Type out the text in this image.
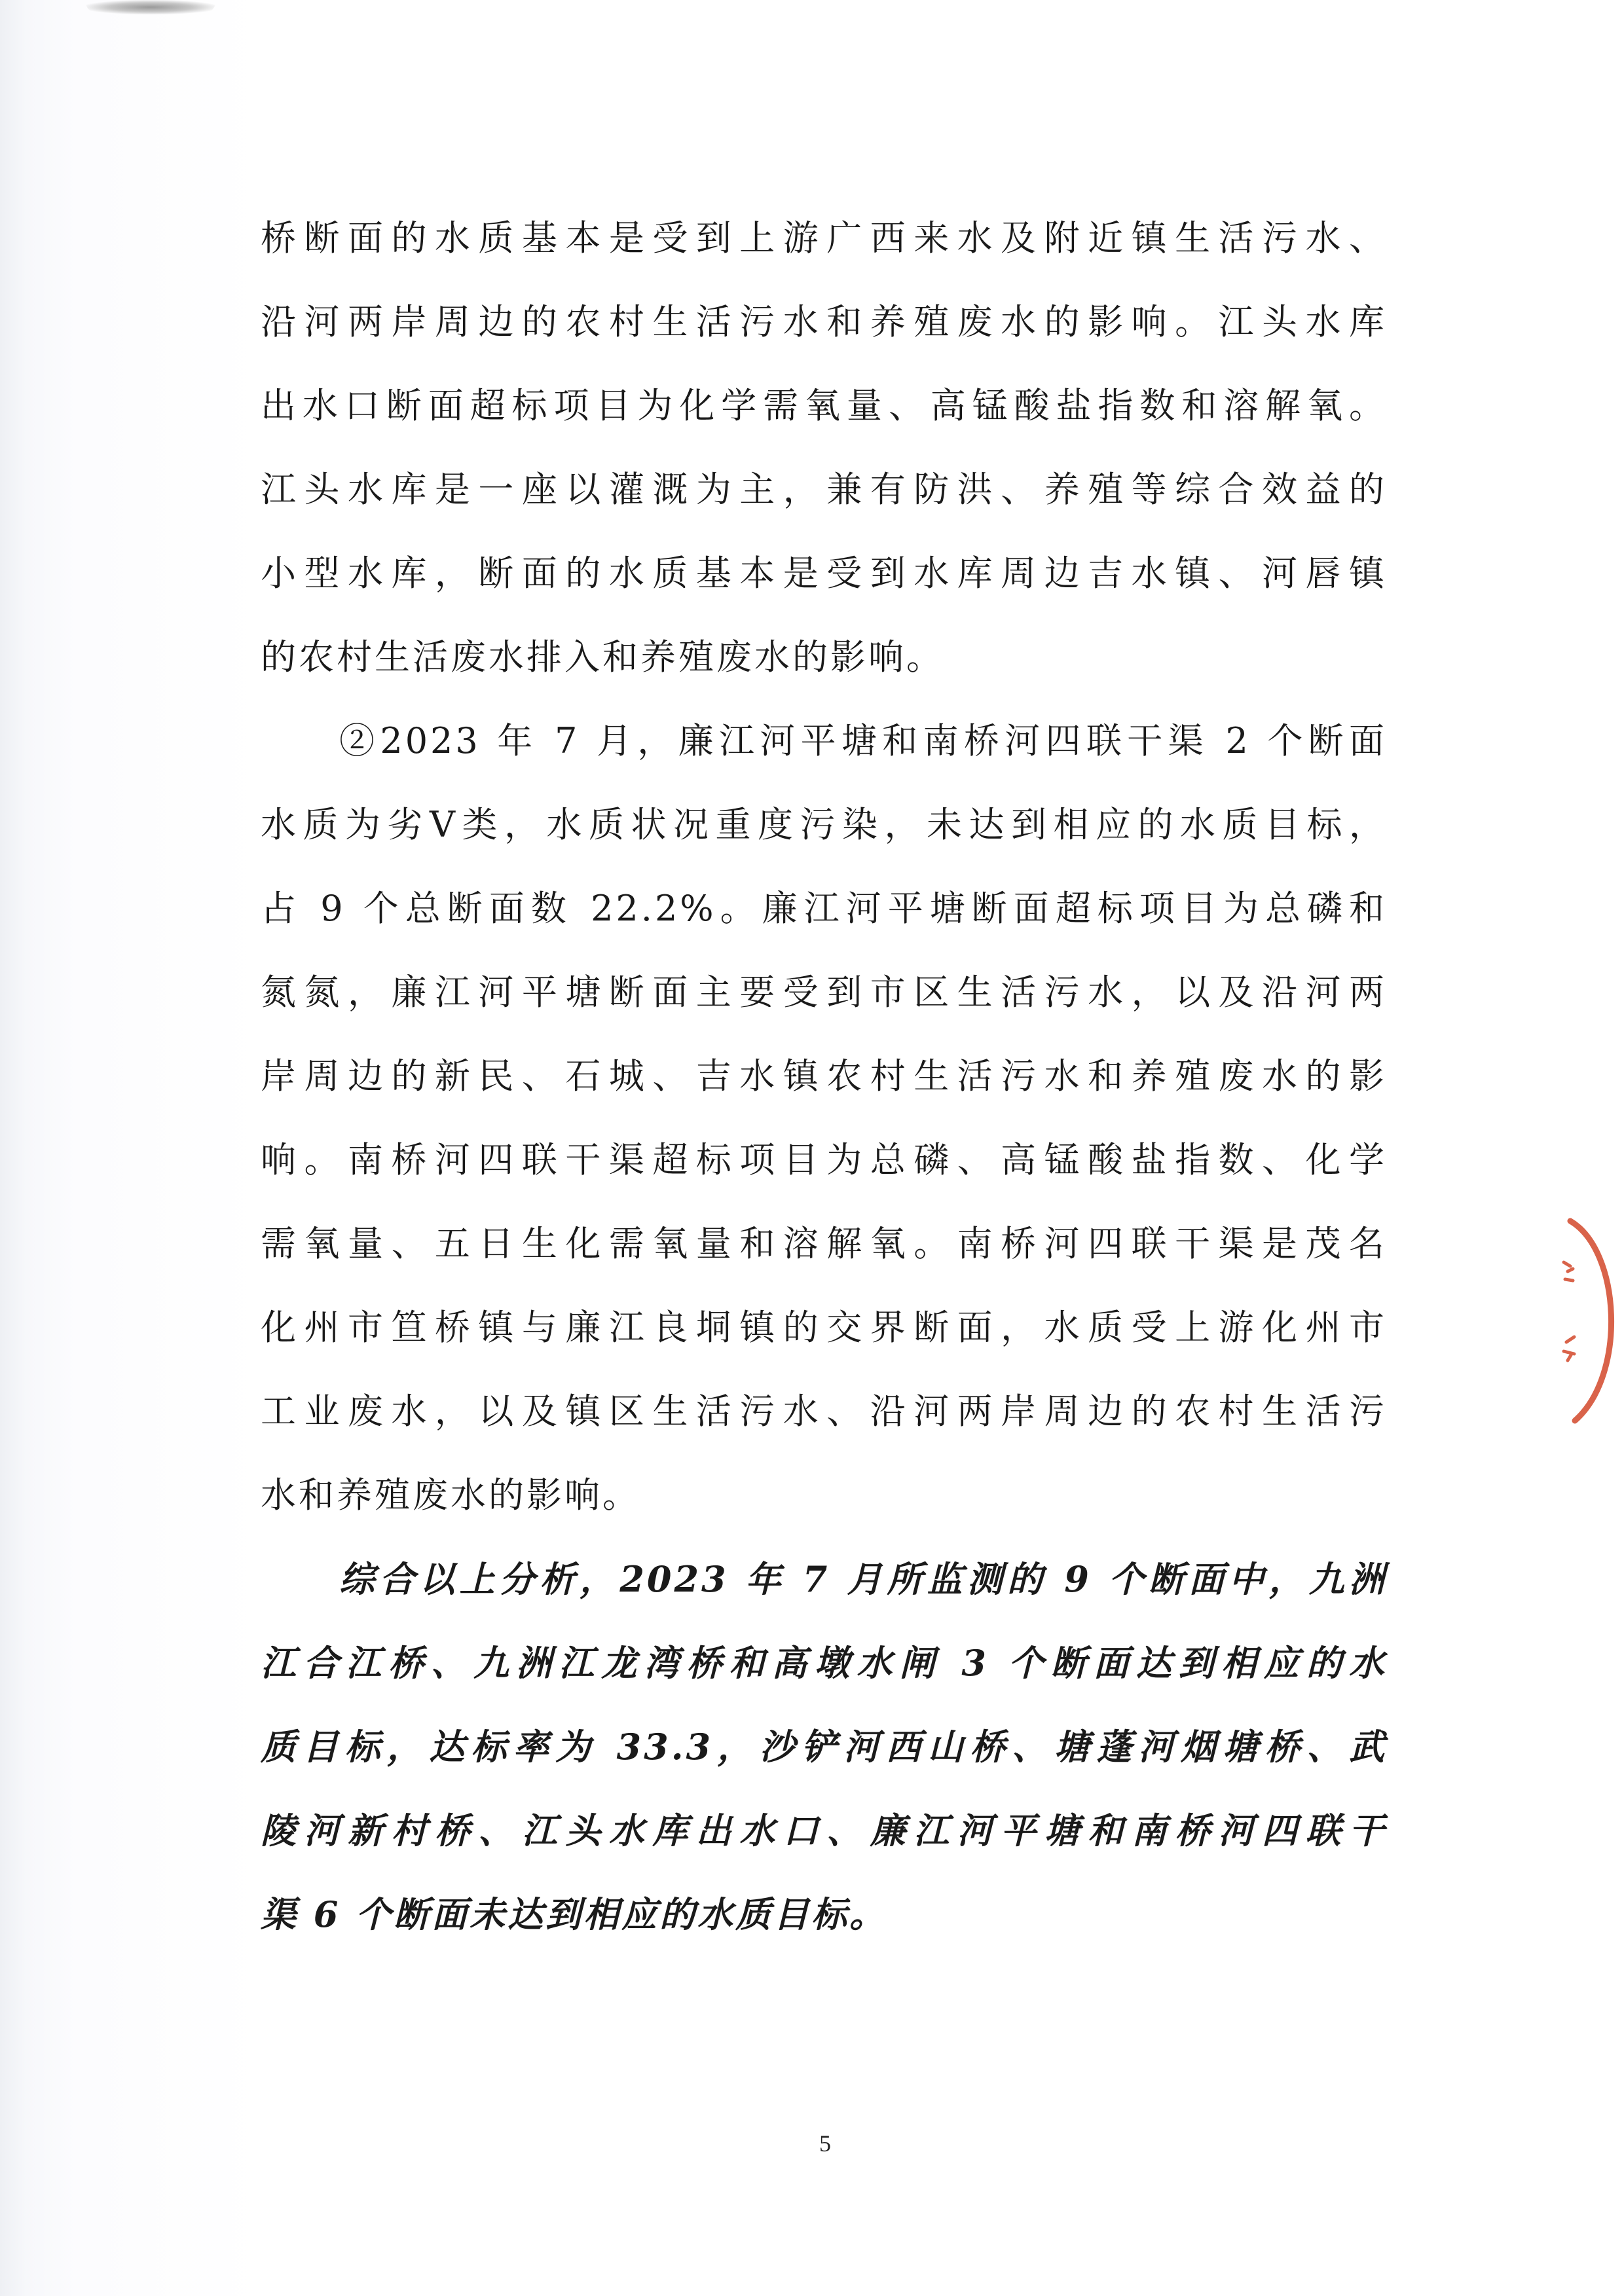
桥断面的水质基本是受到上游广西来水及附近镇生活污水、
沿河两岸周边的农村生活污水和养殖废水的影响。江头水库
出水口断面超标项目为化学需氧量、高锰酸盐指数和溶解氧。
江头水库是一座以灌溉为主，兼有防洪、养殖等综合效益的
小型水库，断面的水质基本是受到水库周边吉水镇、河唇镇
的农村生活废水排入和养殖废水的影响。
②2023 年 7 月，廉江河平塘和南桥河四联干渠 2 个断面
水质为劣Ⅴ类，水质状况重度污染，未达到相应的水质目标，
占 9 个总断面数 22.2%。廉江河平塘断面超标项目为总磷和
氮氮，廉江河平塘断面主要受到市区生活污水，以及沿河两
岸周边的新民、石城、吉水镇农村生活污水和养殖废水的影
响。南桥河四联干渠超标项目为总磷、高锰酸盐指数、化学
需氧量、五日生化需氧量和溶解氧。南桥河四联干渠是茂名
化州市笪桥镇与廉江良垌镇的交界断面，水质受上游化州市
工业废水，以及镇区生活污水、沿河两岸周边的农村生活污
水和养殖废水的影响。
综合以上分析，2023 年 7 月所监测的 9 个断面中，九洲
江合江桥、九洲江龙湾桥和高墩水闸 3 个断面达到相应的水
质目标，达标率为 33.3，沙铲河西山桥、塘蓬河烟塘桥、武
陵河新村桥、江头水库出水口、廉江河平塘和南桥河四联干
渠 6 个断面未达到相应的水质目标。
5
